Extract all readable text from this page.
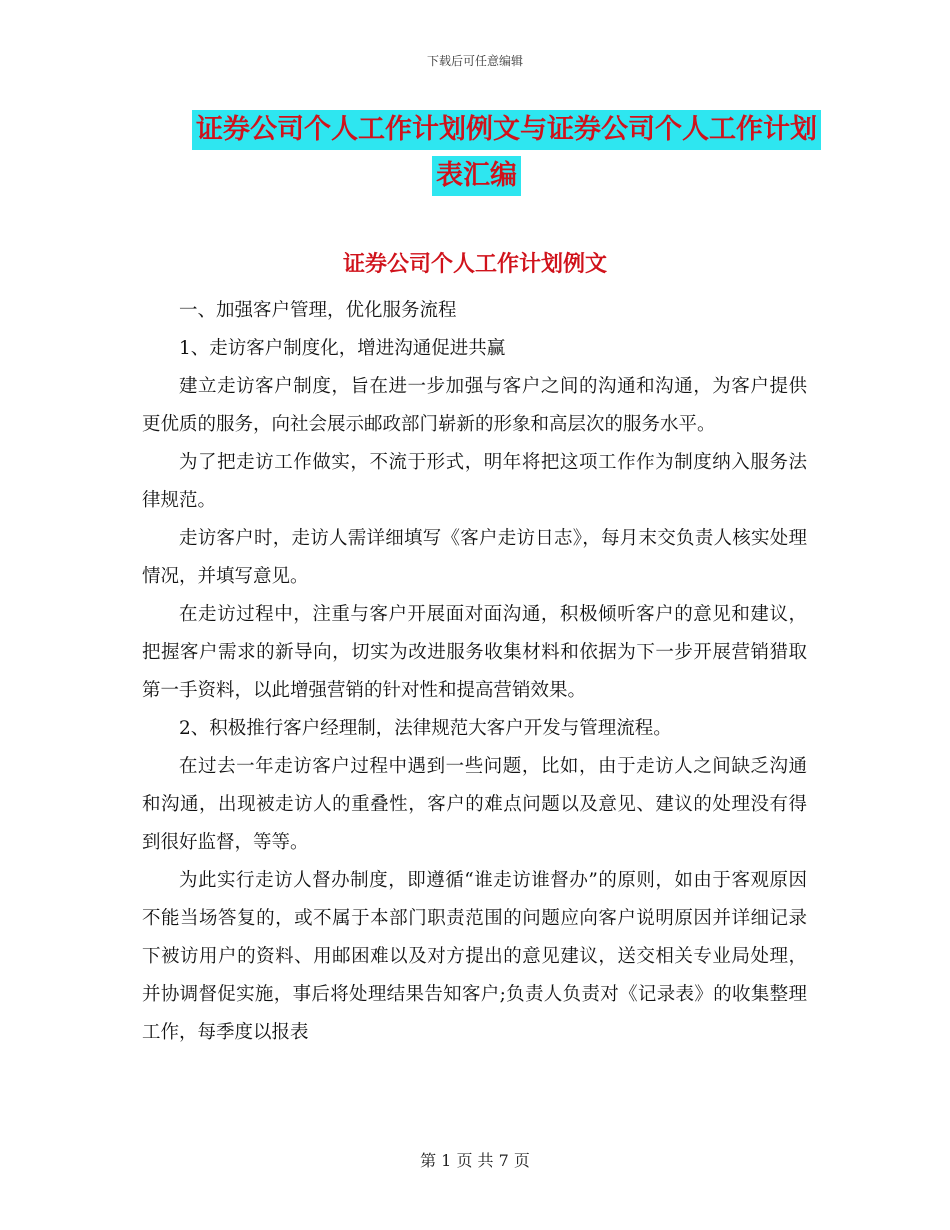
下载后可任意编辑
证券公司个人工作计划例文与证券公司个人工作计划
表汇编
证券公司个人工作计划例文

一、加强客户管理，优化服务流程

1、走访客户制度化，增进沟通促进共赢

建立走访客户制度，旨在进一步加强与客户之间的沟通和沟通，为客户提供更优质的服务，向社会展示邮政部门崭新的形象和高层次的服务水平。

为了把走访工作做实，不流于形式，明年将把这项工作作为制度纳入服务法律规范。

走访客户时，走访人需详细填写《客户走访日志》，每月末交负责人核实处理情况，并填写意见。

在走访过程中，注重与客户开展面对面沟通，积极倾听客户的意见和建议，把握客户需求的新导向，切实为改进服务收集材料和依据为下一步开展营销猎取第一手资料，以此增强营销的针对性和提高营销效果。

2、积极推行客户经理制，法律规范大客户开发与管理流程。

在过去一年走访客户过程中遇到一些问题，比如，由于走访人之间缺乏沟通和沟通，出现被走访人的重叠性，客户的难点问题以及意见、建议的处理没有得到很好监督，等等。

为此实行走访人督办制度，即遵循“谁走访谁督办”的原则，如由于客观原因不能当场答复的，或不属于本部门职责范围的问题应向客户说明原因并详细记录下被访用户的资料、用邮困难以及对方提出的意见建议，送交相关专业局处理，并协调督促实施，事后将处理结果告知客户;负责人负责对《记录表》的收集整理工作，每季度以报表

第 1 页 共 7 页
